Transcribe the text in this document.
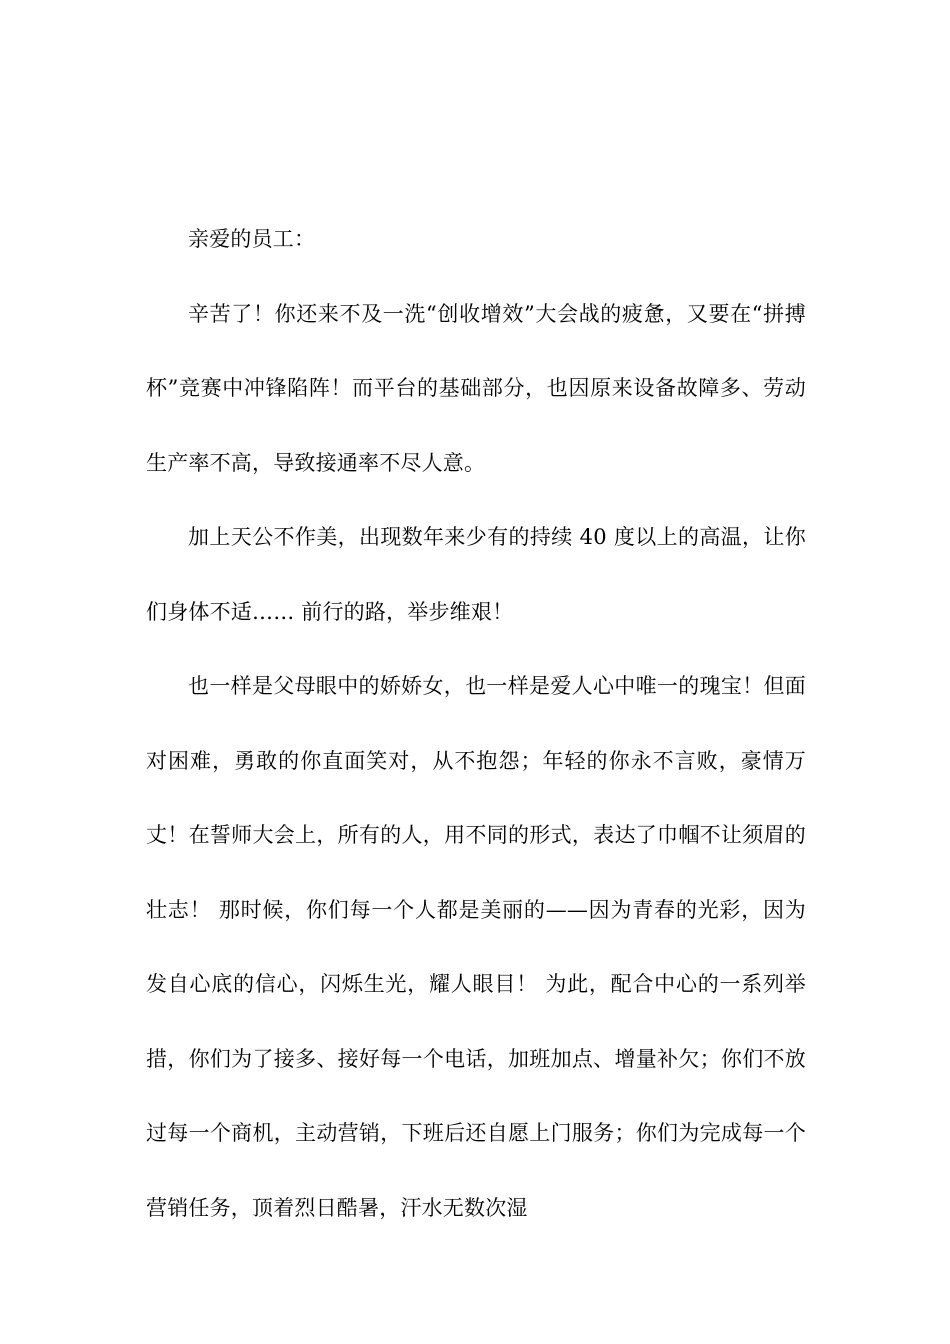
亲爱的员工：

辛苦了！你还来不及一洗“创收增效”大会战的疲惫，又要在“拼搏杯”竞赛中冲锋陷阵！而平台的基础部分，也因原来设备故障多、劳动生产率不高，导致接通率不尽人意。

加上天公不作美，出现数年来少有的持续 40 度以上的高温，让你们身体不适…… 前行的路，举步维艰！

也一样是父母眼中的娇娇女，也一样是爱人心中唯一的瑰宝！但面对困难，勇敢的你直面笑对，从不抱怨；年轻的你永不言败，豪情万丈！在誓师大会上，所有的人，用不同的形式，表达了巾帼不让须眉的壮志！ 那时候，你们每一个人都是美丽的——因为青春的光彩，因为发自心底的信心，闪烁生光，耀人眼目！ 为此，配合中心的一系列举措，你们为了接多、接好每一个电话，加班加点、增量补欠；你们不放过每一个商机，主动营销，下班后还自愿上门服务；你们为完成每一个营销任务，顶着烈日酷暑，汗水无数次湿
